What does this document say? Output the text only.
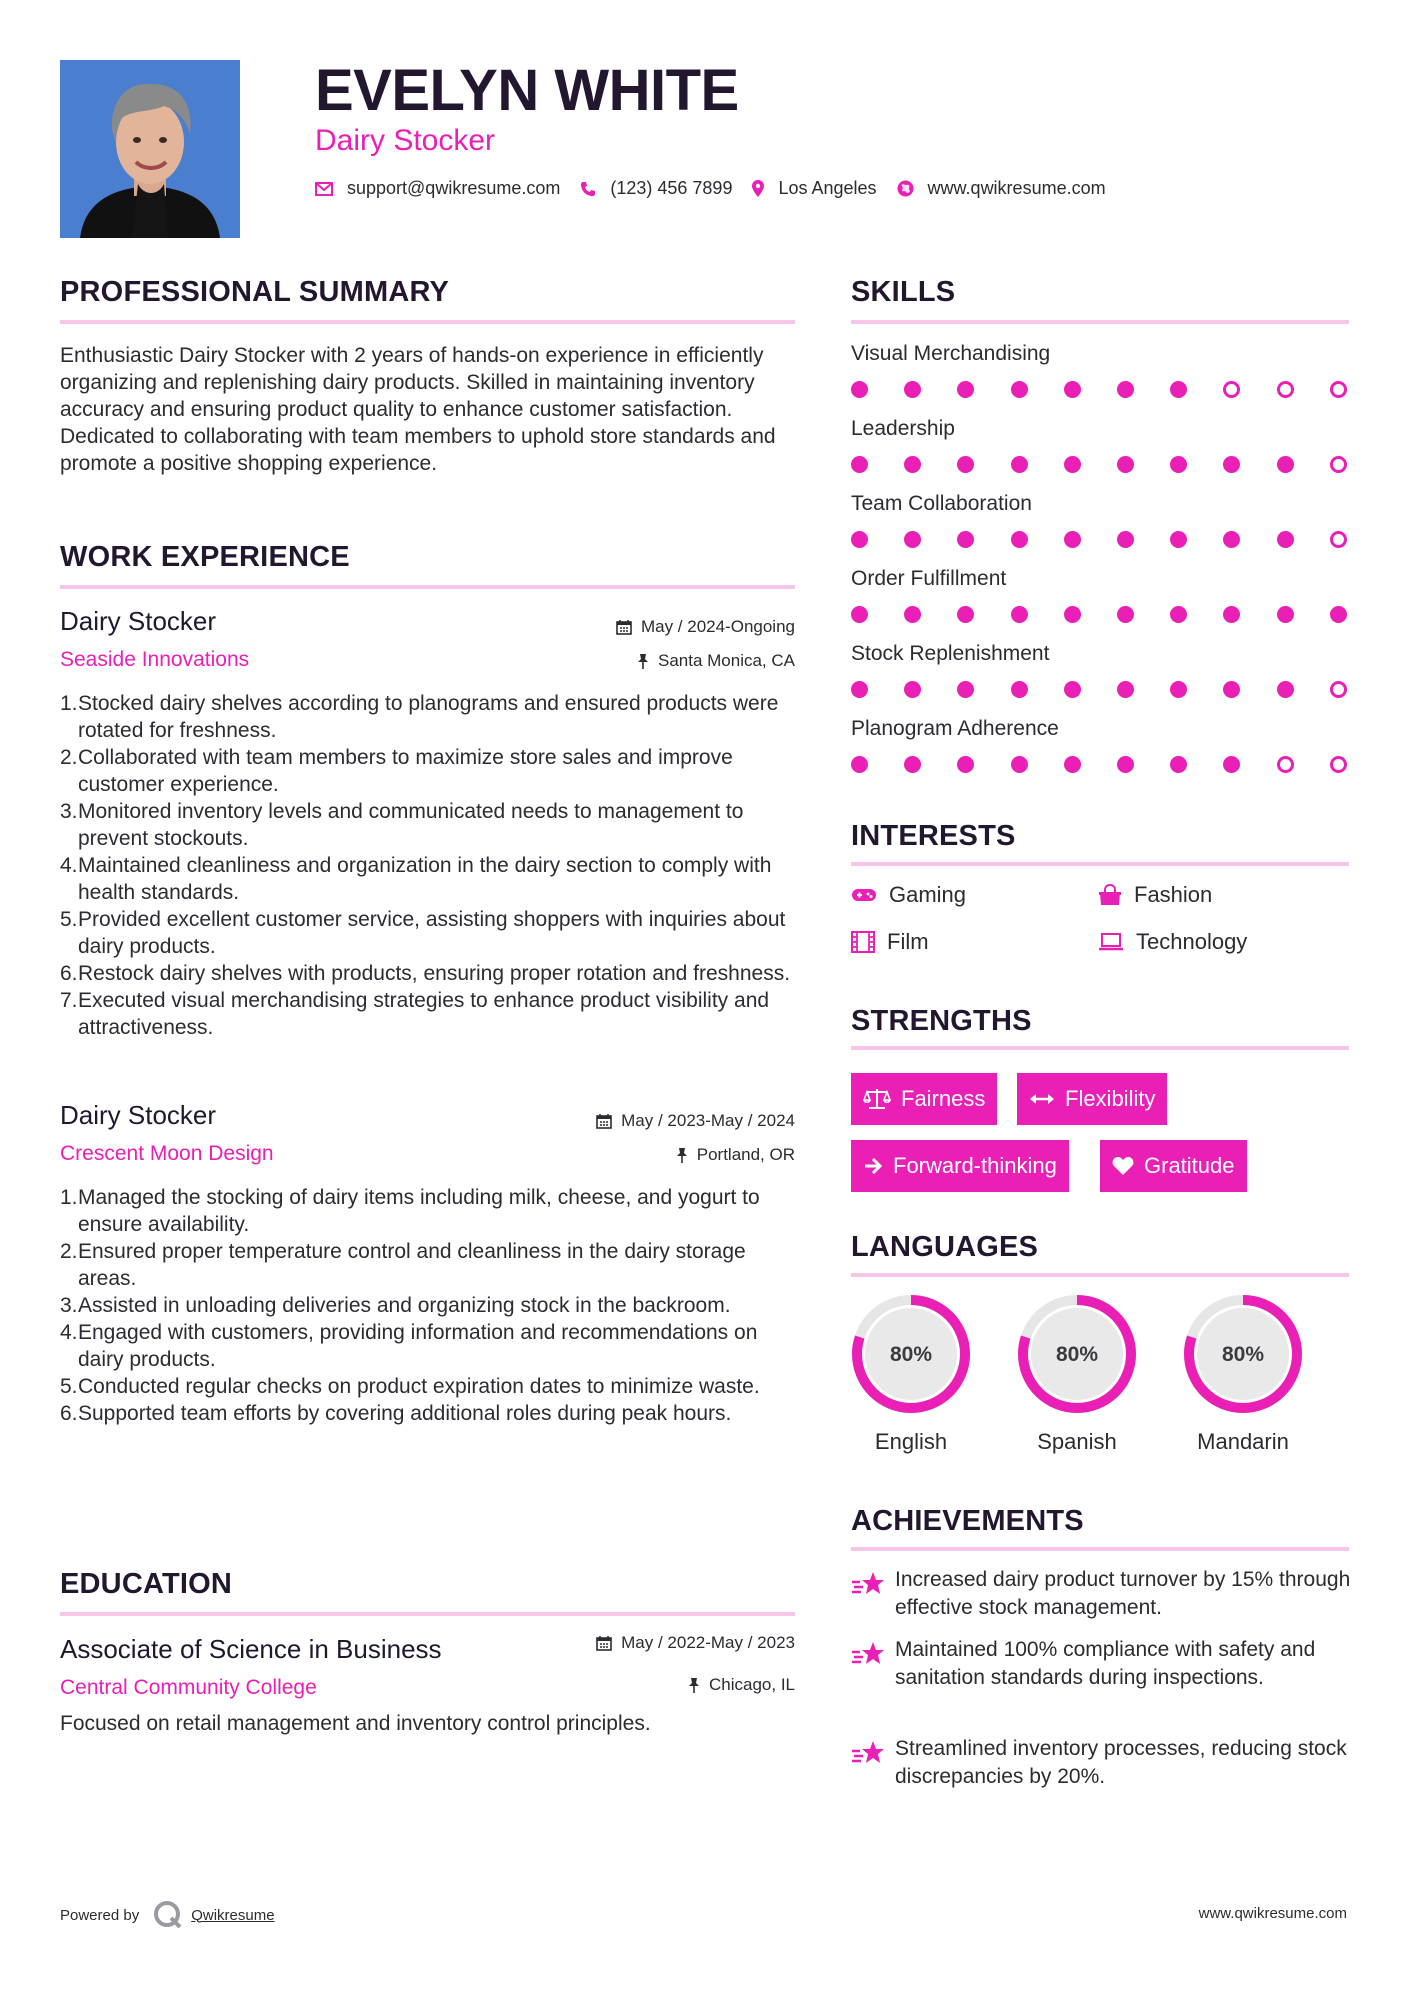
EVELYN WHITE
Dairy Stocker
support@qwikresume.com	(123) 456 7899	Los Angeles	www.qwikresume.com
PROFESSIONAL SUMMARY
Enthusiastic Dairy Stocker with 2 years of hands-on experience in efficiently organizing and replenishing dairy products. Skilled in maintaining inventory accuracy and ensuring product quality to enhance customer satisfaction. Dedicated to collaborating with team members to uphold store standards and promote a positive shopping experience.
WORK EXPERIENCE
Dairy Stocker
Seaside Innovations
May / 2024-Ongoing
Santa Monica, CA
1. Stocked dairy shelves according to planograms and ensured products were rotated for freshness.
2. Collaborated with team members to maximize store sales and improve customer experience.
3. Monitored inventory levels and communicated needs to management to prevent stockouts.
4. Maintained cleanliness and organization in the dairy section to comply with health standards.
5. Provided excellent customer service, assisting shoppers with inquiries about dairy products.
6. Restock dairy shelves with products, ensuring proper rotation and freshness.
7. Executed visual merchandising strategies to enhance product visibility and attractiveness.
Dairy Stocker
Crescent Moon Design
May / 2023-May / 2024
Portland, OR
1. Managed the stocking of dairy items including milk, cheese, and yogurt to ensure availability.
2. Ensured proper temperature control and cleanliness in the dairy storage areas.
3. Assisted in unloading deliveries and organizing stock in the backroom.
4. Engaged with customers, providing information and recommendations on dairy products.
5. Conducted regular checks on product expiration dates to minimize waste.
6. Supported team efforts by covering additional roles during peak hours.
EDUCATION
Associate of Science in Business
Central Community College
May / 2022-May / 2023
Chicago, IL
Focused on retail management and inventory control principles.
SKILLS
Visual Merchandising
Leadership
Team Collaboration
Order Fulfillment
Stock Replenishment
Planogram Adherence
INTERESTS
Gaming	Fashion
Film	Technology
STRENGTHS
Fairness	Flexibility
Forward-thinking	Gratitude
LANGUAGES
80%
English
80%
Spanish
80%
Mandarin
ACHIEVEMENTS
Increased dairy product turnover by 15% through effective stock management.
Maintained 100% compliance with safety and sanitation standards during inspections.
Streamlined inventory processes, reducing stock discrepancies by 20%.
Powered by	Qwikresume	www.qwikresume.com
